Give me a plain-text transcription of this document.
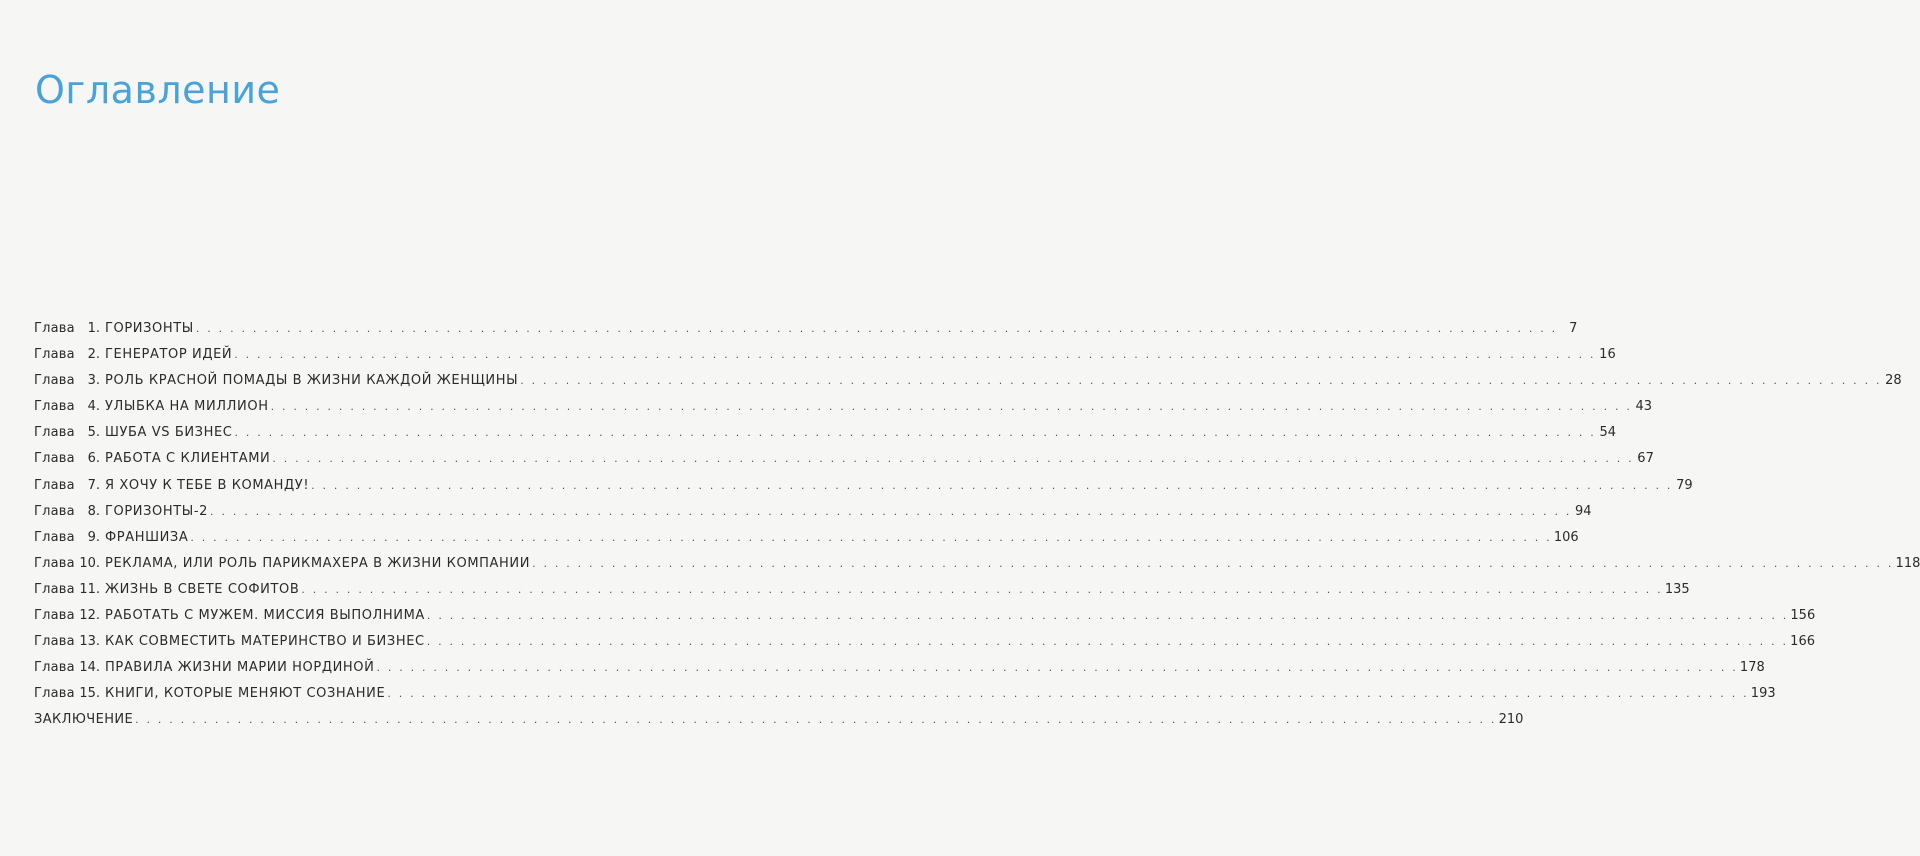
Оглавление
Глава 1. ГОРИЗОНТЫ . . . . . . . . . . . . . . . . . . . . . . . . . . . . . . . . . . . . . . . . . . . . . . . . . . . . . . . . . . . . . . . . . . . . . . . . . . . . . . . . . . . . . . . . . . . . . . . . . . . . . . . . . . . . . . . . . . . . . . . . 7
Глава 2. ГЕНЕРАТОР ИДЕЙ . . . . . . . . . . . . . . . . . . . . . . . . . . . . . . . . . . . . . . . . . . . . . . . . . . . . . . . . . . . . . . . . . . . . . . . . . . . . . . . . . . . . . . . . . . . . . . . . . . . . . . . . . . . . . . . . . . . . . . . . 16
Глава 3. РОЛЬ КРАСНОЙ ПОМАДЫ В ЖИЗНИ КАЖДОЙ ЖЕНЩИНЫ . . . . . . . . . . . . . . . . . . . . . . . . . . . . . . . . . . . . . . . . . . . . . . . . . . . . . . . . . . . . . . . . . . . . . . . . . . . . . . . . . . . . . . . . . . . . . . . . . . . . . . . . . . . . . . . . . . . . . . . . 28
Глава 4. УЛЫБКА НА МИЛЛИОН . . . . . . . . . . . . . . . . . . . . . . . . . . . . . . . . . . . . . . . . . . . . . . . . . . . . . . . . . . . . . . . . . . . . . . . . . . . . . . . . . . . . . . . . . . . . . . . . . . . . . . . . . . . . . . . . . . . . . . . . 43
Глава 5. ШУБА VS БИЗНЕС . . . . . . . . . . . . . . . . . . . . . . . . . . . . . . . . . . . . . . . . . . . . . . . . . . . . . . . . . . . . . . . . . . . . . . . . . . . . . . . . . . . . . . . . . . . . . . . . . . . . . . . . . . . . . . . . . . . . . . . . 54
Глава 6. РАБОТА С КЛИЕНТАМИ . . . . . . . . . . . . . . . . . . . . . . . . . . . . . . . . . . . . . . . . . . . . . . . . . . . . . . . . . . . . . . . . . . . . . . . . . . . . . . . . . . . . . . . . . . . . . . . . . . . . . . . . . . . . . . . . . . . . . . . . 67
Глава 7. Я ХОЧУ К ТЕБЕ В КОМАНДУ! . . . . . . . . . . . . . . . . . . . . . . . . . . . . . . . . . . . . . . . . . . . . . . . . . . . . . . . . . . . . . . . . . . . . . . . . . . . . . . . . . . . . . . . . . . . . . . . . . . . . . . . . . . . . . . . . . . . . . . . . 79
Глава 8. ГОРИЗОНТЫ-2 . . . . . . . . . . . . . . . . . . . . . . . . . . . . . . . . . . . . . . . . . . . . . . . . . . . . . . . . . . . . . . . . . . . . . . . . . . . . . . . . . . . . . . . . . . . . . . . . . . . . . . . . . . . . . . . . . . . . . . . . 94
Глава 9. ФРАНШИЗА . . . . . . . . . . . . . . . . . . . . . . . . . . . . . . . . . . . . . . . . . . . . . . . . . . . . . . . . . . . . . . . . . . . . . . . . . . . . . . . . . . . . . . . . . . . . . . . . . . . . . . . . . . . . . . . . . . . . . . . . 106
Глава 10. РЕКЛАМА, ИЛИ РОЛЬ ПАРИКМАХЕРА В ЖИЗНИ КОМПАНИИ . . . . . . . . . . . . . . . . . . . . . . . . . . . . . . . . . . . . . . . . . . . . . . . . . . . . . . . . . . . . . . . . . . . . . . . . . . . . . . . . . . . . . . . . . . . . . . . . . . . . . . . . . . . . . . . . . . . . . . . . 118
Глава 11. ЖИЗНЬ В СВЕТЕ СОФИТОВ . . . . . . . . . . . . . . . . . . . . . . . . . . . . . . . . . . . . . . . . . . . . . . . . . . . . . . . . . . . . . . . . . . . . . . . . . . . . . . . . . . . . . . . . . . . . . . . . . . . . . . . . . . . . . . . . . . . . . . . . 135
Глава 12. РАБОТАТЬ С МУЖЕМ. МИССИЯ ВЫПОЛНИМА . . . . . . . . . . . . . . . . . . . . . . . . . . . . . . . . . . . . . . . . . . . . . . . . . . . . . . . . . . . . . . . . . . . . . . . . . . . . . . . . . . . . . . . . . . . . . . . . . . . . . . . . . . . . . . . . . . . . . . . . 156
Глава 13. КАК СОВМЕСТИТЬ МАТЕРИНСТВО И БИЗНЕС . . . . . . . . . . . . . . . . . . . . . . . . . . . . . . . . . . . . . . . . . . . . . . . . . . . . . . . . . . . . . . . . . . . . . . . . . . . . . . . . . . . . . . . . . . . . . . . . . . . . . . . . . . . . . . . . . . . . . . . . 166
Глава 14. ПРАВИЛА ЖИЗНИ МАРИИ НОРДИНОЙ . . . . . . . . . . . . . . . . . . . . . . . . . . . . . . . . . . . . . . . . . . . . . . . . . . . . . . . . . . . . . . . . . . . . . . . . . . . . . . . . . . . . . . . . . . . . . . . . . . . . . . . . . . . . . . . . . . . . . . . . 178
Глава 15. КНИГИ, КОТОРЫЕ МЕНЯЮТ СОЗНАНИЕ . . . . . . . . . . . . . . . . . . . . . . . . . . . . . . . . . . . . . . . . . . . . . . . . . . . . . . . . . . . . . . . . . . . . . . . . . . . . . . . . . . . . . . . . . . . . . . . . . . . . . . . . . . . . . . . . . . . . . . . . 193
ЗАКЛЮЧЕНИЕ . . . . . . . . . . . . . . . . . . . . . . . . . . . . . . . . . . . . . . . . . . . . . . . . . . . . . . . . . . . . . . . . . . . . . . . . . . . . . . . . . . . . . . . . . . . . . . . . . . . . . . . . . . . . . . . . . . . . . . . . 210
